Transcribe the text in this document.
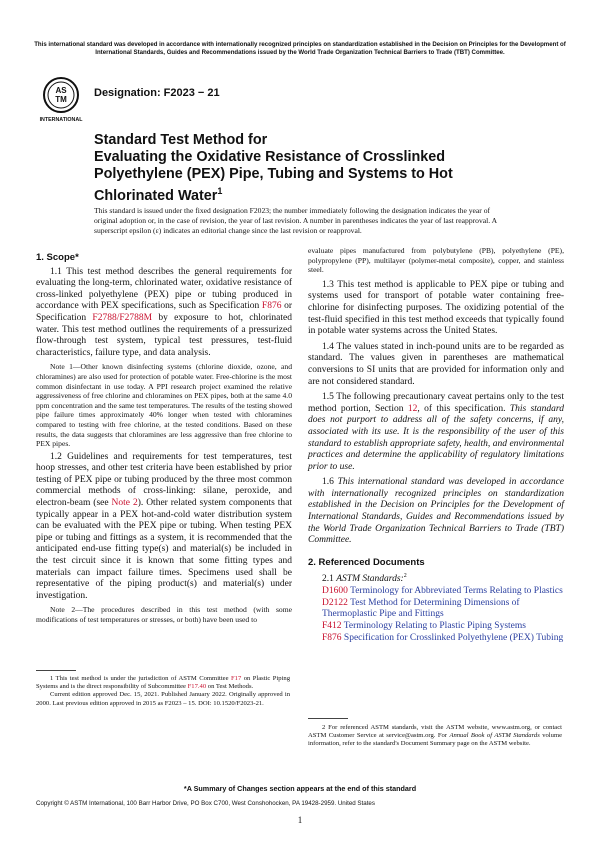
This international standard was developed in accordance with internationally recognized principles on standardization established in the Decision on Principles for the Development of International Standards, Guides and Recommendations issued by the World Trade Organization Technical Barriers to Trade (TBT) Committee.
AS
TM
INTERNATIONAL
Designation: F2023 − 21
Standard Test Method for
Evaluating the Oxidative Resistance of Crosslinked Polyethylene (PEX) Pipe, Tubing and Systems to Hot Chlorinated Water$^1$
This standard is issued under the fixed designation F2023; the number immediately following the designation indicates the year of original adoption or, in the case of revision, the year of last revision. A number in parentheses indicates the year of last reapproval. A superscript epsilon (ε) indicates an editorial change since the last revision or reapproval.
1. Scope*

1.1 This test method describes the general requirements for evaluating the long-term, chlorinated water, oxidative resistance of cross-linked polyethylene (PEX) pipe or tubing produced in accordance with PEX specifications, such as Specification F876 or Specification F2788/F2788M by exposure to hot, chlorinated water. This test method outlines the requirements of a pressurized flow-through test system, typical test pressures, test-fluid characteristics, failure type, and data analysis.

Note 1—Other known disinfecting systems (chlorine dioxide, ozone, and chloramines) are also used for protection of potable water. Free-chlorine is the most common disinfectant in use today. A PPI research project examined the relative aggressiveness of free chlorine and chloramines on PEX pipes, both at the same 4.0 ppm concentration and the same test temperatures. The results of the testing showed pipe failure times approximately 40% longer when tested with chloramines compared to testing with free chlorine, at the tested conditions. Based on these results, the data suggests that chloramines are less aggressive than free chlorine to PEX pipes.

1.2 Guidelines and requirements for test temperatures, test hoop stresses, and other test criteria have been established by prior testing of PEX pipe or tubing produced by the three most common commercial methods of cross-linking: silane, peroxide, and electron-beam (see Note 2). Other related system components that typically appear in a PEX hot-and-cold water distribution system can be evaluated with the PEX pipe or tubing. When testing PEX pipe or tubing and fittings as a system, it is recommended that the anticipated end-use fitting type(s) and material(s) be included in the test circuit since it is known that some fitting types and materials can impact failure times. Specimens used shall be representative of the piping product(s) and material(s) under investigation.

Note 2—The procedures described in this test method (with some modifications of test temperatures or stresses, or both) have been used to
1 This test method is under the jurisdiction of ASTM Committee F17 on Plastic Piping Systems and is the direct responsibility of Subcommittee F17.40 on Test Methods.
Current edition approved Dec. 15, 2021. Published January 2022. Originally approved in 2000. Last previous edition approved in 2015 as F2023 – 15. DOI: 10.1520/F2023-21.

evaluate pipes manufactured from polybutylene (PB), polyethylene (PE), polypropylene (PP), multilayer (polymer-metal composite), copper, and stainless steel.

1.3 This test method is applicable to PEX pipe or tubing and systems used for transport of potable water containing free-chlorine for disinfecting purposes. The oxidizing potential of the test-fluid specified in this test method exceeds that typically found in potable water systems across the United States.

1.4 The values stated in inch-pound units are to be regarded as standard. The values given in parentheses are mathematical conversions to SI units that are provided for information only and are not considered standard.

1.5 The following precautionary caveat pertains only to the test method portion, Section 12, of this specification. This standard does not purport to address all of the safety concerns, if any, associated with its use. It is the responsibility of the user of this standard to establish appropriate safety, health, and environmental practices and determine the applicability of regulatory limitations prior to use.

1.6 This international standard was developed in accordance with internationally recognized principles on standardization established in the Decision on Principles for the Development of International Standards, Guides and Recommendations issued by the World Trade Organization Technical Barriers to Trade (TBT) Committee.

2. Referenced Documents

2.1 ASTM Standards:$^2$

D1600 Terminology for Abbreviated Terms Relating to Plastics

D2122 Test Method for Determining Dimensions of Thermoplastic Pipe and Fittings

F412 Terminology Relating to Plastic Piping Systems

F876 Specification for Crosslinked Polyethylene (PEX) Tubing

2 For referenced ASTM standards, visit the ASTM website, www.astm.org, or contact ASTM Customer Service at service@astm.org. For Annual Book of ASTM Standards volume information, refer to the standard's Document Summary page on the ASTM website.
*A Summary of Changes section appears at the end of this standard
Copyright © ASTM International, 100 Barr Harbor Drive, PO Box C700, West Conshohocken, PA 19428-2959. United States
1
